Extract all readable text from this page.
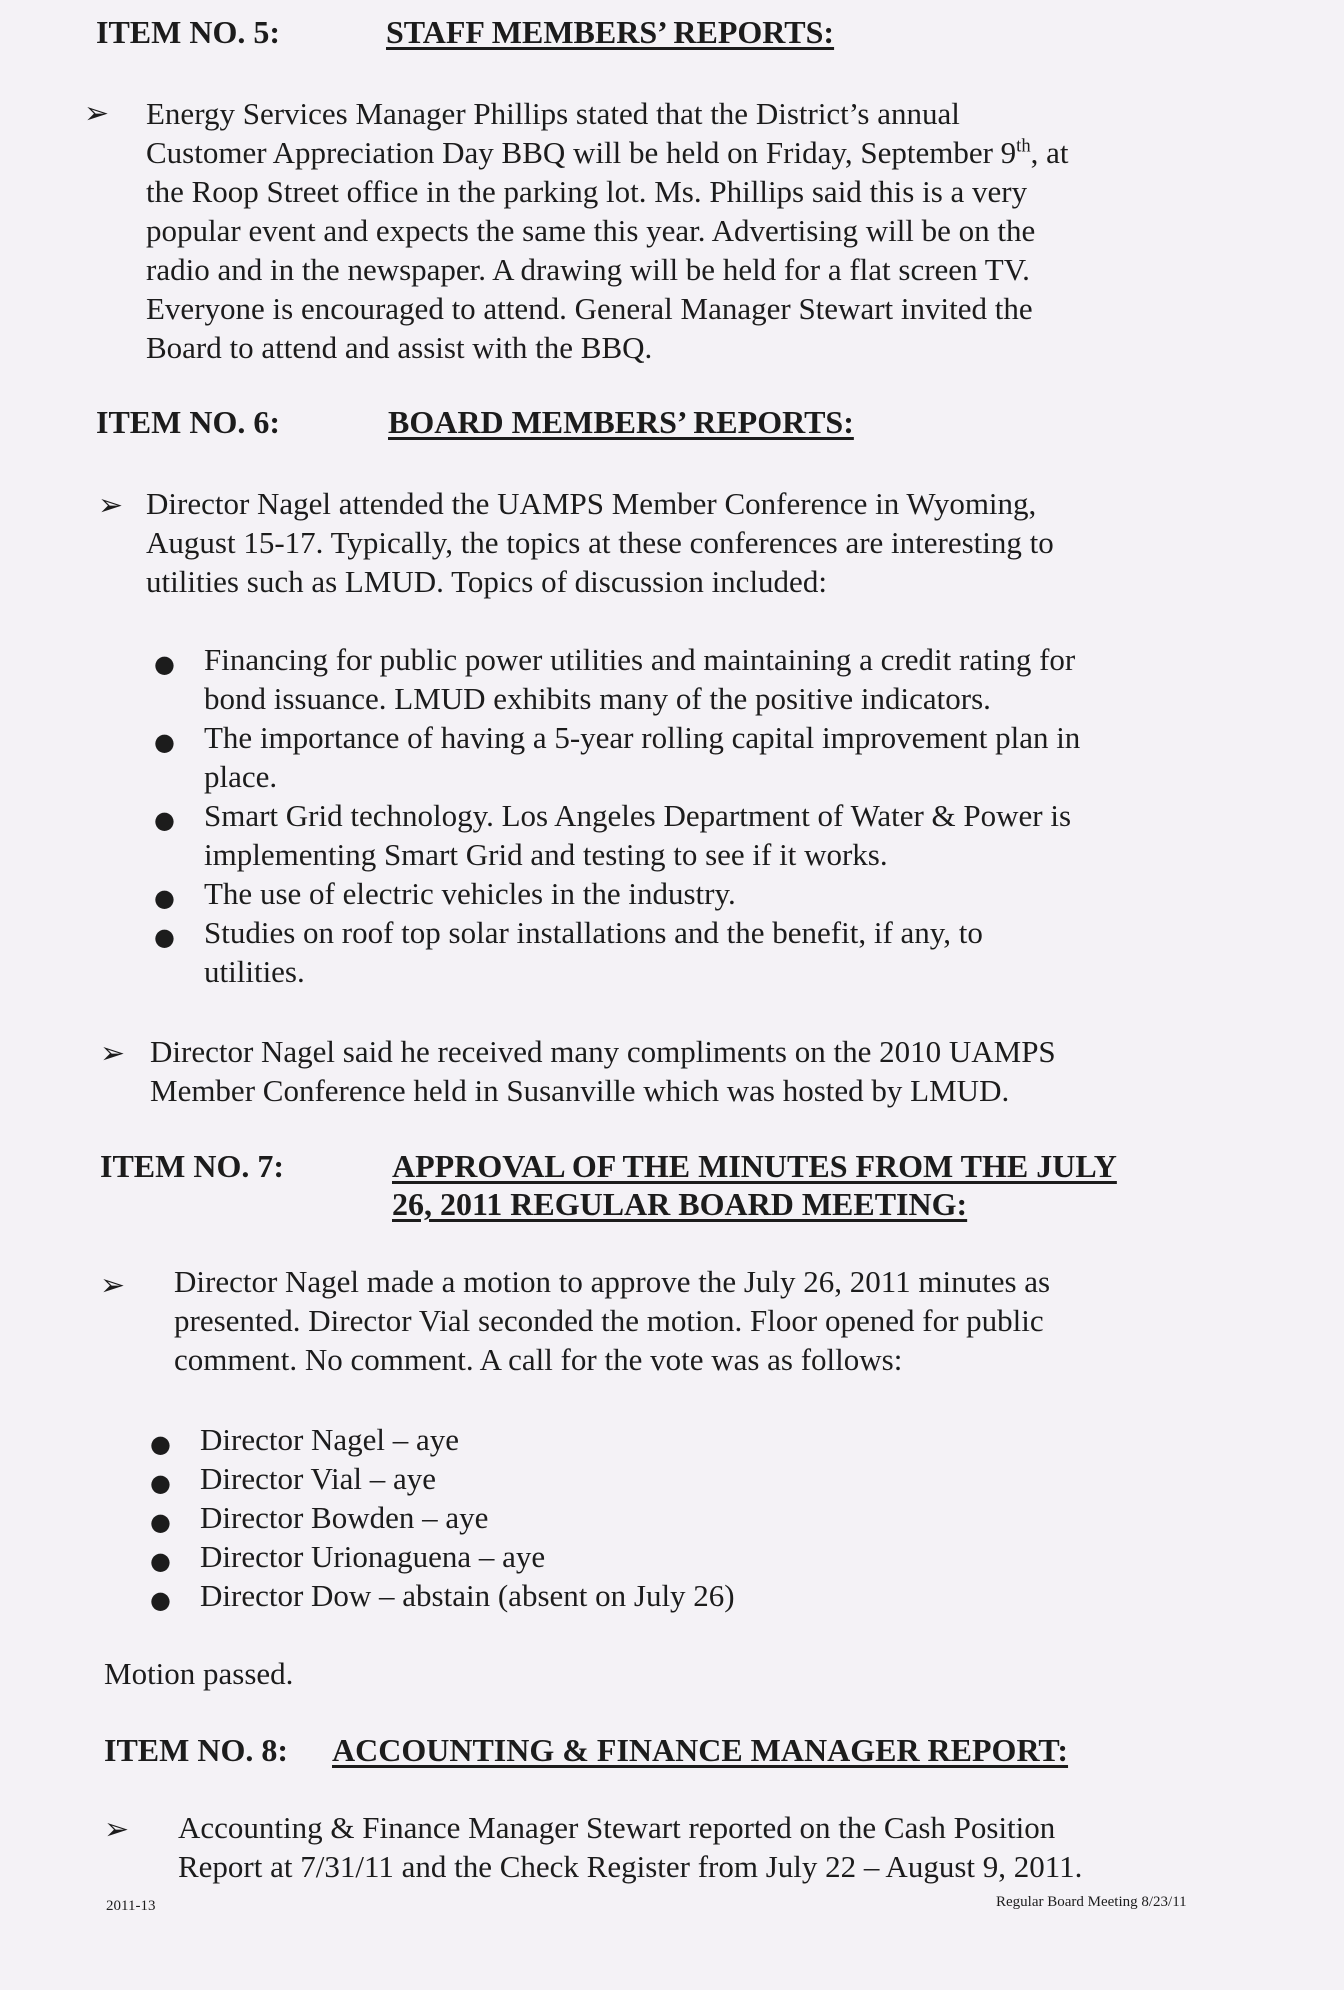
ITEM NO. 5:	STAFF MEMBERS’ REPORTS:
➢ Energy Services Manager Phillips stated that the District’s annual
Customer Appreciation Day BBQ will be held on Friday, September 9th, at
the Roop Street office in the parking lot. Ms. Phillips said this is a very
popular event and expects the same this year. Advertising will be on the
radio and in the newspaper. A drawing will be held for a flat screen TV.
Everyone is encouraged to attend. General Manager Stewart invited the
Board to attend and assist with the BBQ.
ITEM NO. 6:	BOARD MEMBERS’ REPORTS:
➢ Director Nagel attended the UAMPS Member Conference in Wyoming,
August 15-17. Typically, the topics at these conferences are interesting to
utilities such as LMUD. Topics of discussion included:
● Financing for public power utilities and maintaining a credit rating for
bond issuance. LMUD exhibits many of the positive indicators.
● The importance of having a 5-year rolling capital improvement plan in
place.
● Smart Grid technology. Los Angeles Department of Water & Power is
implementing Smart Grid and testing to see if it works.
● The use of electric vehicles in the industry.
● Studies on roof top solar installations and the benefit, if any, to
utilities.
➢ Director Nagel said he received many compliments on the 2010 UAMPS
Member Conference held in Susanville which was hosted by LMUD.
ITEM NO. 7:	APPROVAL OF THE MINUTES FROM THE JULY
26, 2011 REGULAR BOARD MEETING:
➢ Director Nagel made a motion to approve the July 26, 2011 minutes as
presented. Director Vial seconded the motion. Floor opened for public
comment. No comment. A call for the vote was as follows:
● Director Nagel – aye
● Director Vial – aye
● Director Bowden – aye
● Director Urionaguena – aye
● Director Dow – abstain (absent on July 26)
Motion passed.
ITEM NO. 8: ACCOUNTING & FINANCE MANAGER REPORT:
➢ Accounting & Finance Manager Stewart reported on the Cash Position
Report at 7/31/11 and the Check Register from July 22 – August 9, 2011.
2011-13	Regular Board Meeting 8/23/11
